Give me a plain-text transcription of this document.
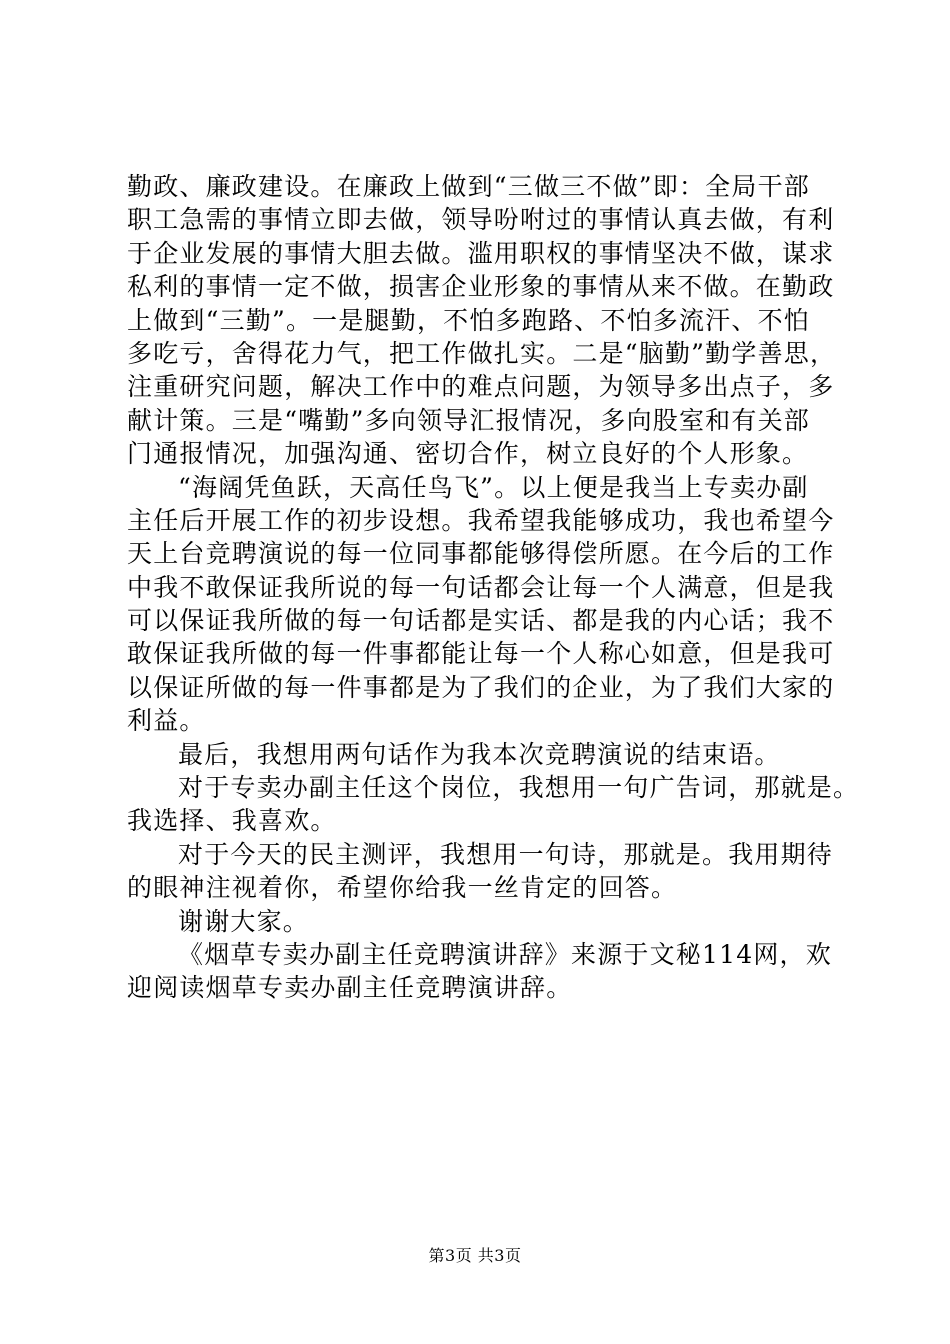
勤政、廉政建设。在廉政上做到“三做三不做”即：全局干部
职工急需的事情立即去做，领导吩咐过的事情认真去做，有利
于企业发展的事情大胆去做。滥用职权的事情坚决不做，谋求
私利的事情一定不做，损害企业形象的事情从来不做。在勤政
上做到“三勤”。一是腿勤，不怕多跑路、不怕多流汗、不怕
多吃亏，舍得花力气，把工作做扎实。二是“脑勤”勤学善思，
注重研究问题，解决工作中的难点问题，为领导多出点子，多
献计策。三是“嘴勤”多向领导汇报情况，多向股室和有关部
门通报情况，加强沟通、密切合作，树立良好的个人形象。
“海阔凭鱼跃，天高任鸟飞”。以上便是我当上专卖办副
主任后开展工作的初步设想。我希望我能够成功，我也希望今
天上台竞聘演说的每一位同事都能够得偿所愿。在今后的工作
中我不敢保证我所说的每一句话都会让每一个人满意，但是我
可以保证我所做的每一句话都是实话、都是我的内心话；我不
敢保证我所做的每一件事都能让每一个人称心如意，但是我可
以保证所做的每一件事都是为了我们的企业，为了我们大家的
利益。
最后，我想用两句话作为我本次竞聘演说的结束语。
对于专卖办副主任这个岗位，我想用一句广告词，那就是。
我选择、我喜欢。
对于今天的民主测评，我想用一句诗，那就是。我用期待
的眼神注视着你，希望你给我一丝肯定的回答。
谢谢大家。
《烟草专卖办副主任竞聘演讲辞》来源于文秘114网，欢
迎阅读烟草专卖办副主任竞聘演讲辞。
第3页 共3页
